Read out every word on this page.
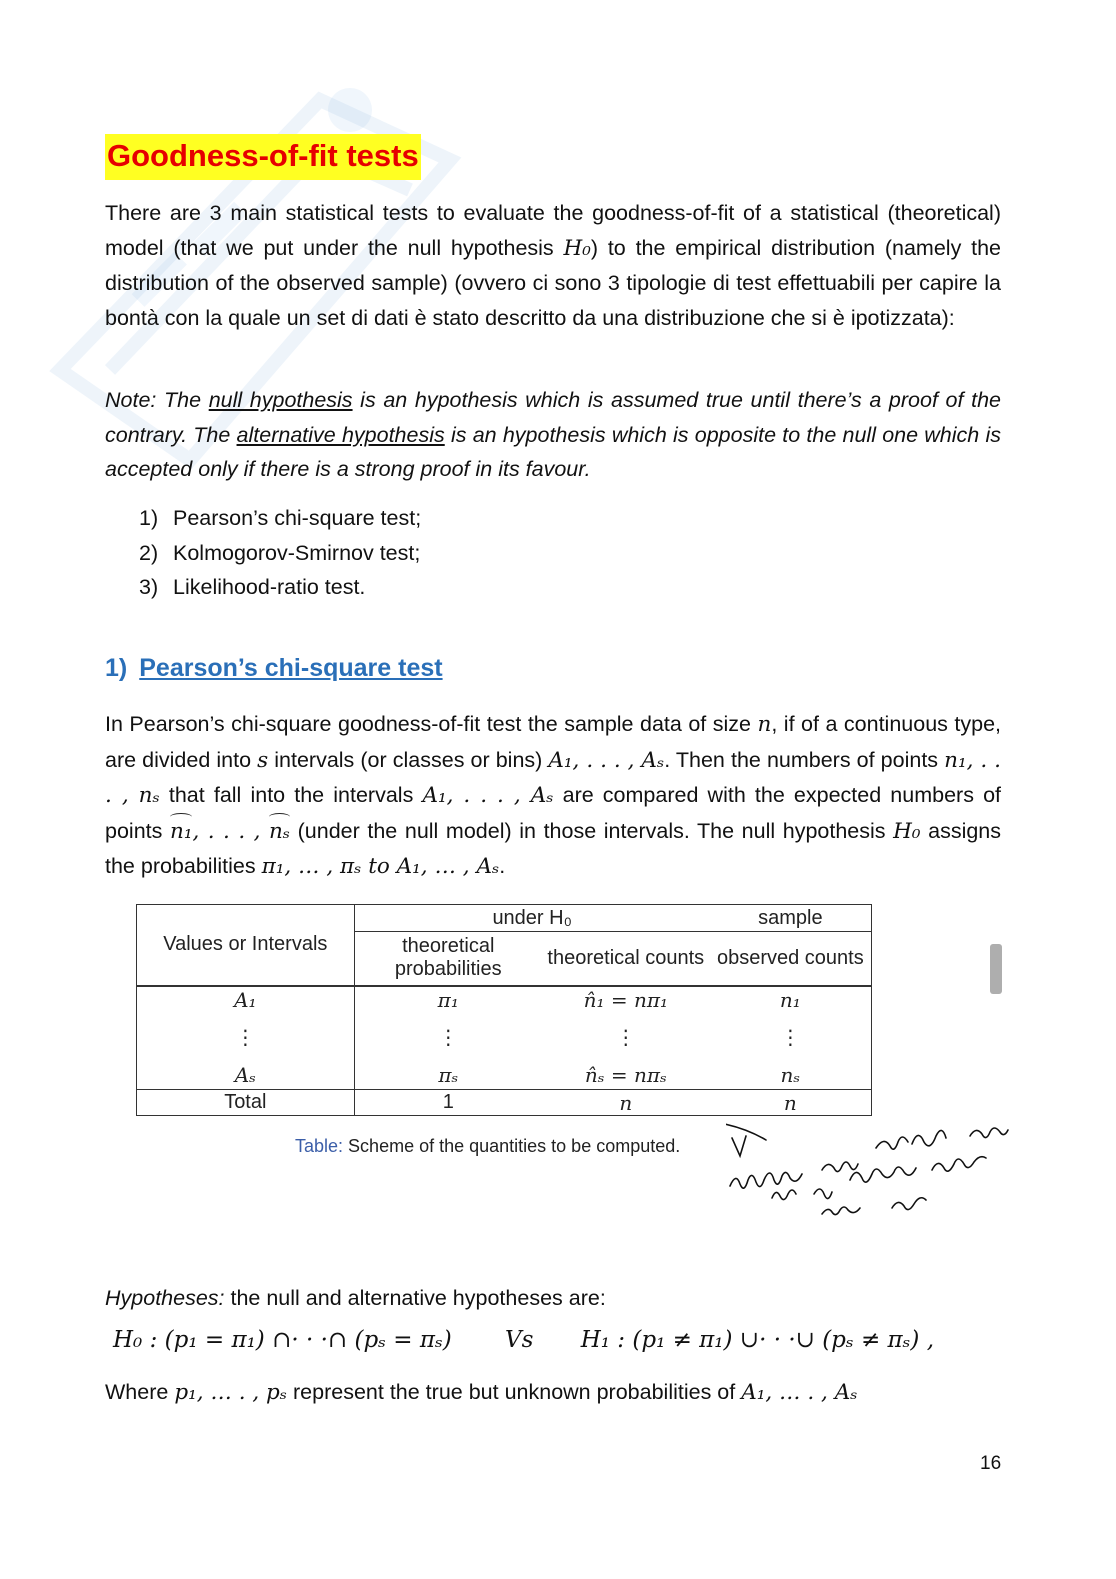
Goodness-of-fit tests
There are 3 main statistical tests to evaluate the goodness-of-fit of a statistical (theoretical) model (that we put under the null hypothesis H₀) to the empirical distribution (namely the distribution of the observed sample) (ovvero ci sono 3 tipologie di test effettuabili per capire la bontà con la quale un set di dati è stato descritto da una distribuzione che si è ipotizzata):
Note: The null hypothesis is an hypothesis which is assumed true until there’s a proof of the contrary. The alternative hypothesis is an hypothesis which is opposite to the null one which is accepted only if there is a strong proof in its favour.
1) Pearson’s chi-square test;
2) Kolmogorov-Smirnov test;
3) Likelihood-ratio test.
1) Pearson’s chi-square test
In Pearson’s chi-square goodness-of-fit test the sample data of size n, if of a continuous type, are divided into s intervals (or classes or bins) A₁, . . . , Aₛ. Then the numbers of points n₁, . . . , nₛ that fall into the intervals A₁, . . . , Aₛ are compared with the expected numbers of points n₁, . . . , nₛ (under the null model) in those intervals. The null hypothesis H₀ assigns the probabilities π₁, … , πₛ to A₁, … , Aₛ.
Values or Intervals	under H₀		sample
	theoretical probabilities	theoretical counts	observed counts
A₁	π₁	n̂₁ = nπ₁	n₁
⋮	⋮	⋮	⋮
Aₛ	πₛ	n̂ₛ = nπₛ	nₛ
Total	1	n	n
Table: Scheme of the quantities to be computed.
Hypotheses: the null and alternative hypotheses are:
H₀ : (p₁ = π₁) ∩· · ·∩ (pₛ = πₛ) Vs H₁ : (p₁ ≠ π₁) ∪· · ·∪ (pₛ ≠ πₛ) ,
Where p₁, … . , pₛ represent the true but unknown probabilities of A₁, … . , Aₛ
16
